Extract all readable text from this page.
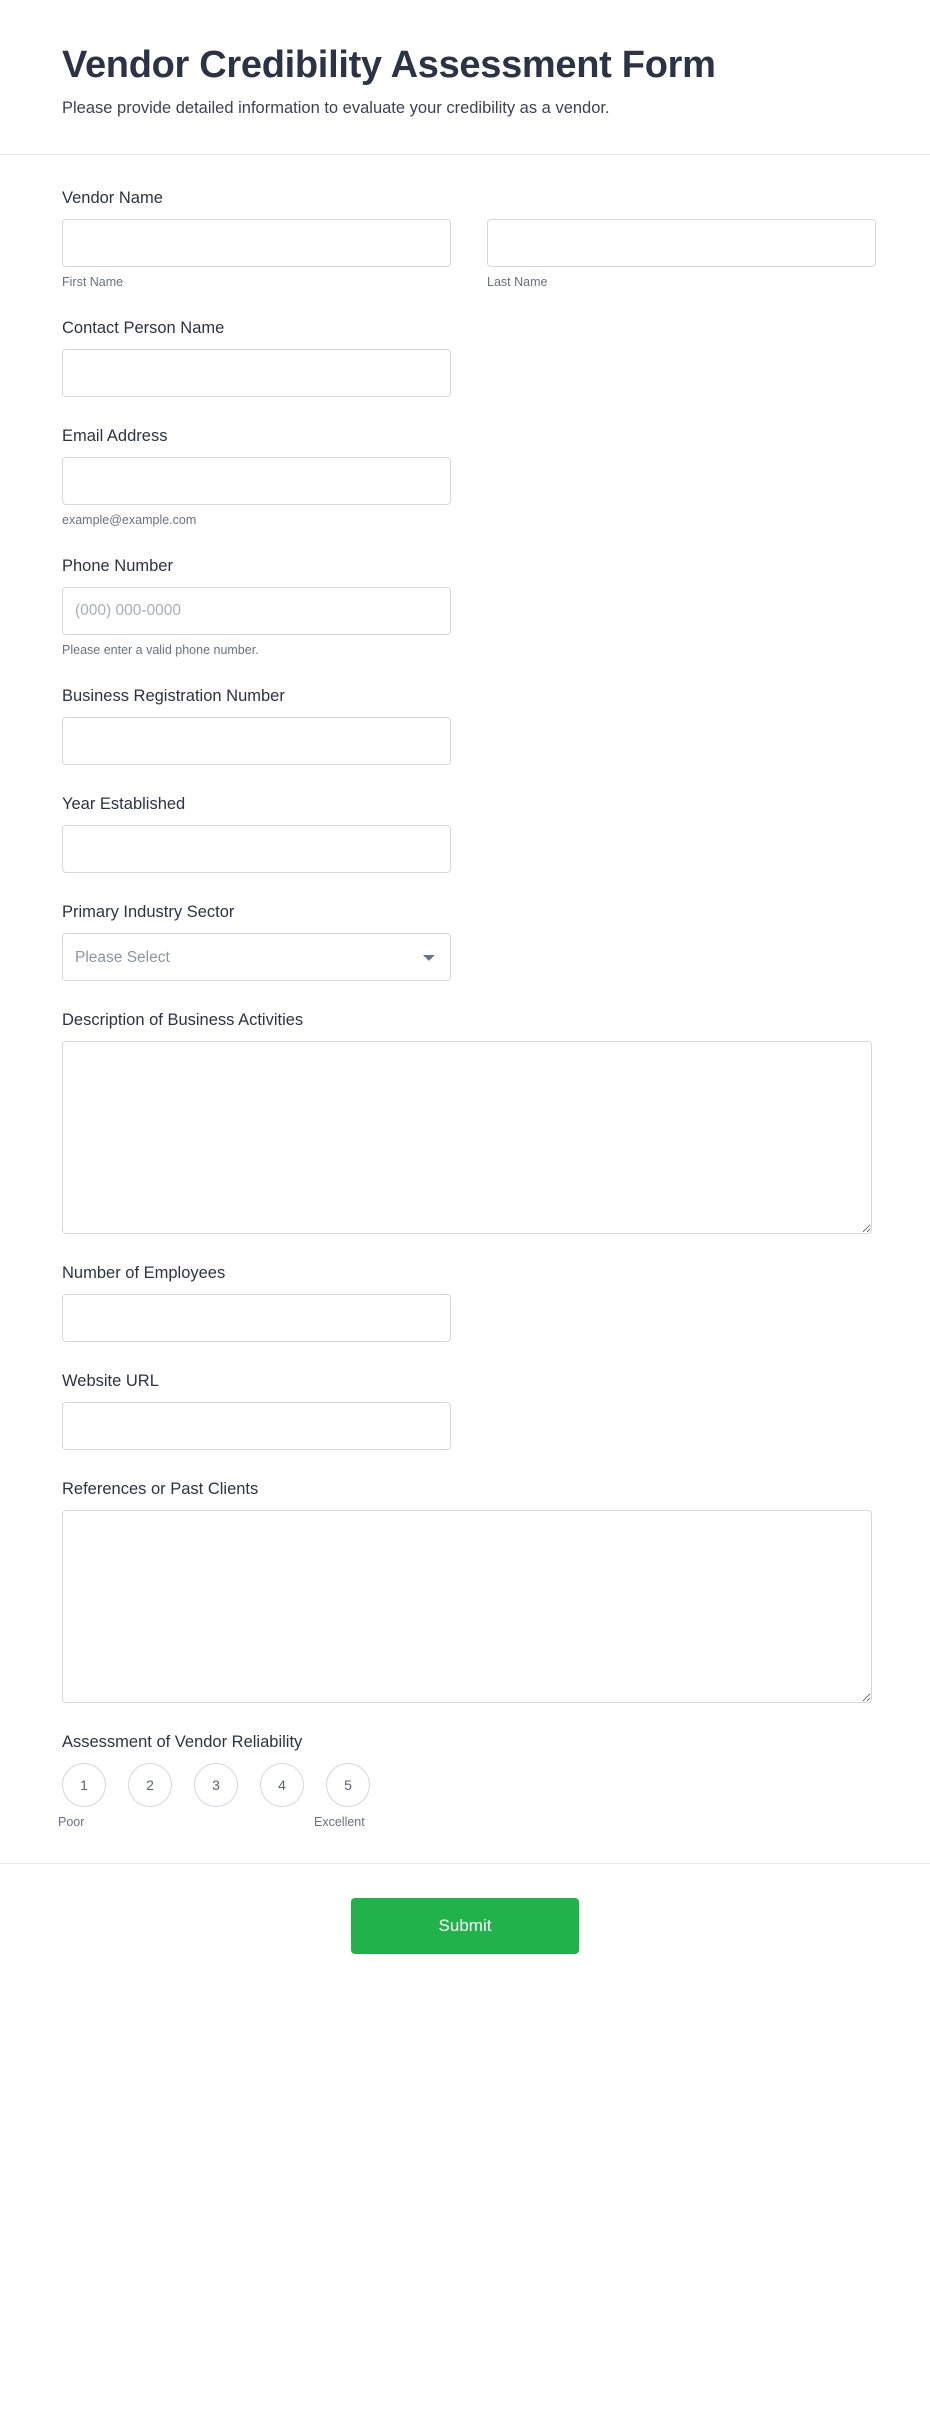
Vendor Credibility Assessment Form

Please provide detailed information to evaluate your credibility as a vendor.

Vendor Name
First Name	Last Name
Contact Person Name
Email Address
example@example.com
Phone Number
(000) 000-0000
Please enter a valid phone number.
Business Registration Number
Year Established
Primary Industry Sector
Please Select
Description of Business Activities
Number of Employees
Website URL
References or Past Clients
Assessment of Vendor Reliability
1
Poor
2	3	4	5
Excellent
Submit
